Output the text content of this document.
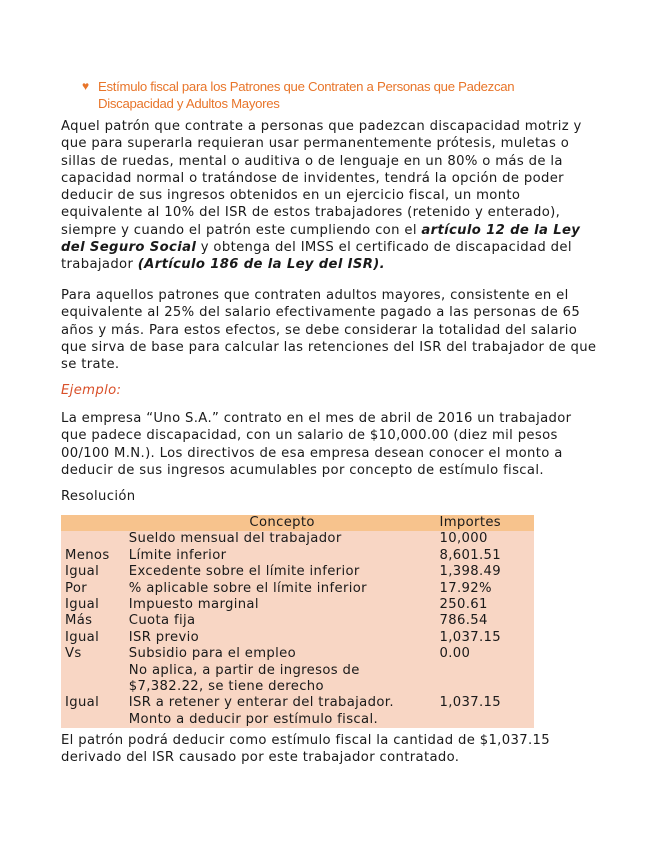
♥ Estímulo fiscal para los Patrones que Contraten a Personas que Padezcan
Discapacidad y Adultos Mayores

Aquel patrón que contrate a personas que padezcan discapacidad motriz y que para superarla requieran usar permanentemente prótesis, muletas o sillas de ruedas, mental o auditiva o de lenguaje en un 80% o más de la capacidad normal o tratándose de invidentes, tendrá la opción de poder deducir de sus ingresos obtenidos en un ejercicio fiscal, un monto equivalente al 10% del ISR de estos trabajadores (retenido y enterado), siempre y cuando el patrón este cumpliendo con el artículo 12 de la Ley del Seguro Social y obtenga del IMSS el certificado de discapacidad del trabajador (Artículo 186 de la Ley del ISR).

Para aquellos patrones que contraten adultos mayores, consistente en el equivalente al 25% del salario efectivamente pagado a las personas de 65 años y más. Para estos efectos, se debe considerar la totalidad del salario que sirva de base para calcular las retenciones del ISR del trabajador de que se trate.

Ejemplo:

La empresa “Uno S.A.” contrato en el mes de abril de 2016 un trabajador que padece discapacidad, con un salario de $10,000.00 (diez mil pesos 00/100 M.N.). Los directivos de esa empresa desean conocer el monto a deducir de sus ingresos acumulables por concepto de estímulo fiscal.

Resolución
	Concepto	Importes
	Sueldo mensual del trabajador	10,000
Menos	Límite inferior	8,601.51
Igual	Excedente sobre el límite inferior	1,398.49
Por	% aplicable sobre el límite inferior	17.92%
Igual	Impuesto marginal	250.61
Más	Cuota fija	786.54
Igual	ISR previo	1,037.15
Vs	Subsidio para el empleo	0.00
	No aplica, a partir de ingresos de $7,382.22, se tiene derecho	
Igual	ISR a retener y enterar del trabajador.	1,037.15
	Monto a deducir por estímulo fiscal.	

El patrón podrá deducir como estímulo fiscal la cantidad de $1,037.15 derivado del ISR causado por este trabajador contratado.
